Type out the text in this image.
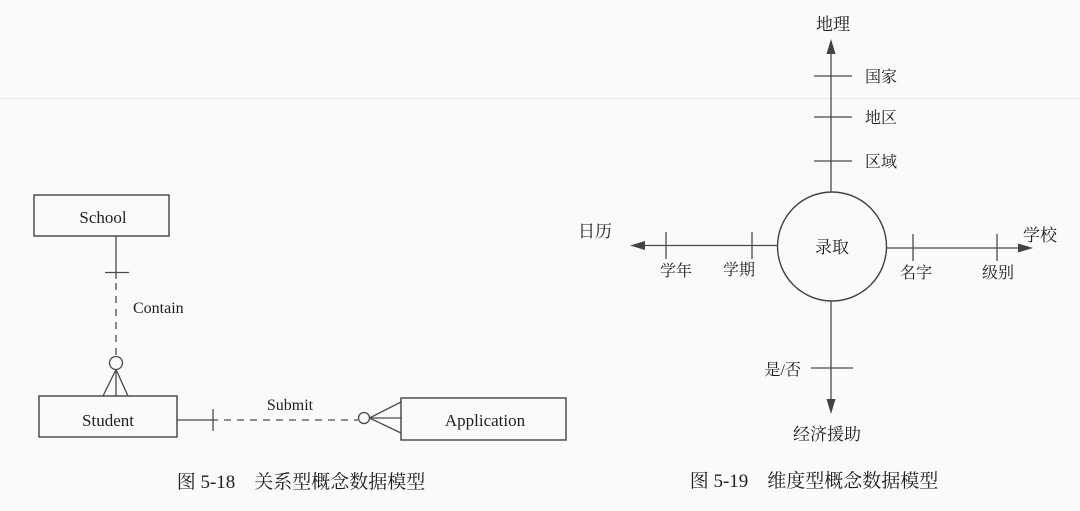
School
Contain
Student
Submit
Application
图 5-18　关系型概念数据模型
录取
地理
国家
地区
区域
日历
学年 学期
学校
名字	级别
是/否
经济援助
图 5-19　维度型概念数据模型
